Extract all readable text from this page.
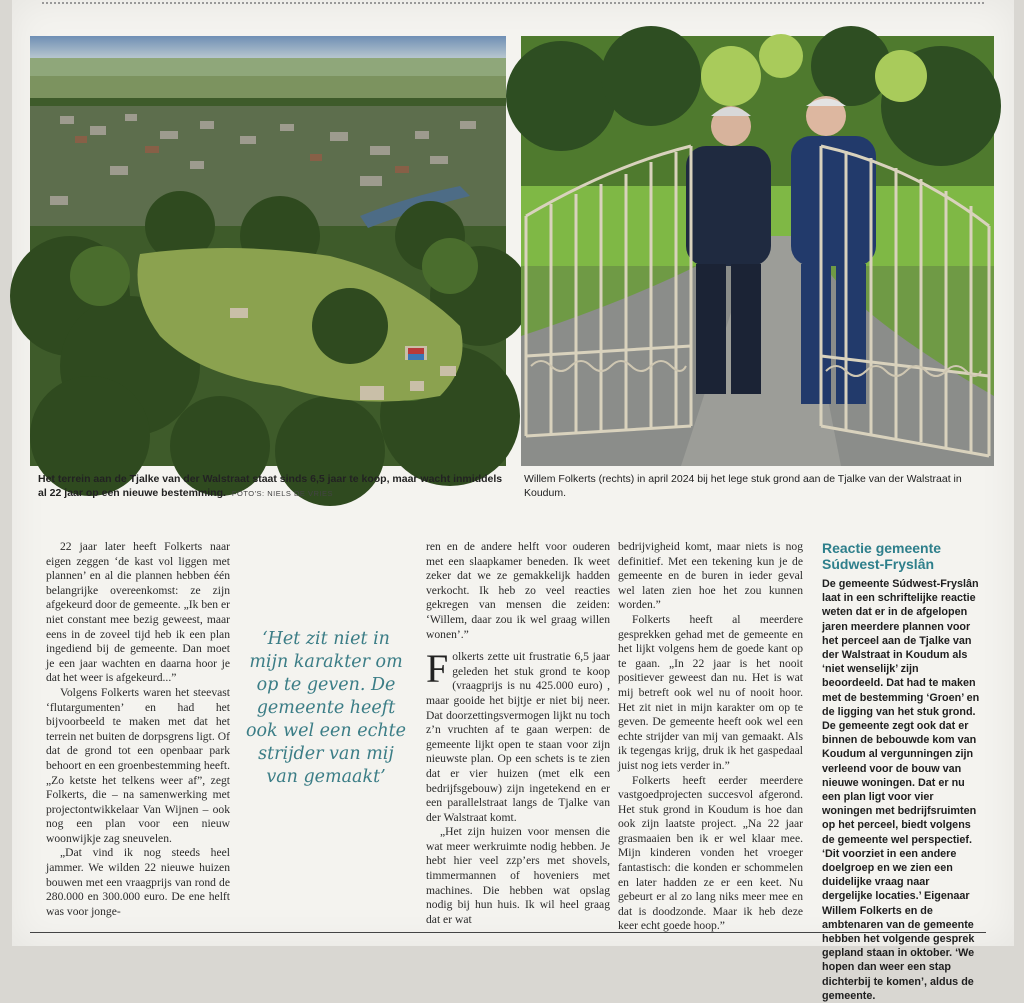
Het terrein aan de Tjalke van der Walstraat staat sinds 6,5 jaar te koop, maar wacht inmiddels al 22 jaar op een nieuwe bestemming. FOTO'S: NIELS DE VRIES
Willem Folkerts (rechts) in april 2024 bij het lege stuk grond aan de Tjalke van der Walstraat in Koudum.

22 jaar later heeft Folkerts naar eigen zeggen ‘de kast vol liggen met plannen’ en al die plannen hebben één belangrijke overeenkomst: ze zijn afgekeurd door de gemeente. „Ik ben er niet constant mee bezig geweest, maar eens in de zoveel tijd heb ik een plan ingediend bij de gemeente. Dan moet je een jaar wachten en daarna hoor je dat het weer is afgekeurd...”

Volgens Folkerts waren het steevast ‘flutargumenten’ en had het bijvoorbeeld te maken met dat het terrein net buiten de dorpsgrens ligt. Of dat de grond tot een openbaar park behoort en een groenbestemming heeft. „Zo ketste het telkens weer af”, zegt Folkerts, die – na samenwerking met projectontwikkelaar Van Wijnen – ook nog een plan voor een nieuw woonwijkje zag sneuvelen.

„Dat vind ik nog steeds heel jammer. We wilden 22 nieuwe huizen bouwen met een vraagprijs van rond de 280.000 en 300.000 euro. De ene helft was voor jonge-

‘Het zit niet in mijn karakter om op te geven. De gemeente heeft ook wel een echte strijder van mij van gemaakt’

ren en de andere helft voor ouderen met een slaapkamer beneden. Ik weet zeker dat we ze gemakkelijk hadden verkocht. Ik heb zo veel reacties gekregen van mensen die zeiden: ‘Willem, daar zou ik wel graag willen wonen’.”

Folkerts zette uit frustratie 6,5 jaar geleden het stuk grond te koop (vraagprijs is nu 425.000 euro) , maar gooide het bijtje er niet bij neer. Dat doorzettingsvermogen lijkt nu toch z’n vruchten af te gaan werpen: de gemeente lijkt open te staan voor zijn nieuwste plan. Op een schets is te zien dat er vier huizen (met elk een bedrijfsgebouw) zijn ingetekend en er een parallelstraat langs de Tjalke van der Walstraat komt.

„Het zijn huizen voor mensen die wat meer werkruimte nodig hebben. Je hebt hier veel zzp’ers met shovels, timmermannen of hoveniers met machines. Die hebben wat opslag nodig bij hun huis. Ik wil heel graag dat er wat

bedrijvigheid komt, maar niets is nog definitief. Met een tekening kun je de gemeente en de buren in ieder geval wel laten zien hoe het zou kunnen worden.”

Folkerts heeft al meerdere gesprekken gehad met de gemeente en het lijkt volgens hem de goede kant op te gaan. „In 22 jaar is het nooit positiever geweest dan nu. Het is wat mij betreft ook wel nu of nooit hoor. Het zit niet in mijn karakter om op te geven. De gemeente heeft ook wel een echte strijder van mij van gemaakt. Als ik tegengas krijg, druk ik het gaspedaal juist nog iets verder in.”

Folkerts heeft eerder meerdere vastgoedprojecten succesvol afgerond. Het stuk grond in Koudum is hoe dan ook zijn laatste project. „Na 22 jaar grasmaaien ben ik er wel klaar mee. Mijn kinderen vonden het vroeger fantastisch: die konden er schommelen en later hadden ze er een keet. Nu gebeurt er al zo lang niks meer mee en dat is doodzonde. Maar ik heb deze keer echt goede hoop.”

Reactie gemeente Súdwest-Fryslân
De gemeente Súdwest-Fryslân laat in een schriftelijke reactie weten dat er in de afgelopen jaren meerdere plannen voor het perceel aan de Tjalke van der Walstraat in Koudum als ‘niet wenselijk’ zijn beoordeeld. Dat had te maken met de bestemming ‘Groen’ en de ligging van het stuk grond. De gemeente zegt ook dat er binnen de bebouwde kom van Koudum al vergunningen zijn verleend voor de bouw van nieuwe woningen. Dat er nu een plan ligt voor vier woningen met bedrijfsruimten op het perceel, biedt volgens de gemeente wel perspectief. ‘Dit voorziet in een andere doelgroep en we zien een duidelijke vraag naar dergelijke locaties.’ Eigenaar Willem Folkerts en de ambtenaren van de gemeente hebben het volgende gesprek gepland staan in oktober. ‘We hopen dan weer een stap dichterbij te komen’, aldus de gemeente.
